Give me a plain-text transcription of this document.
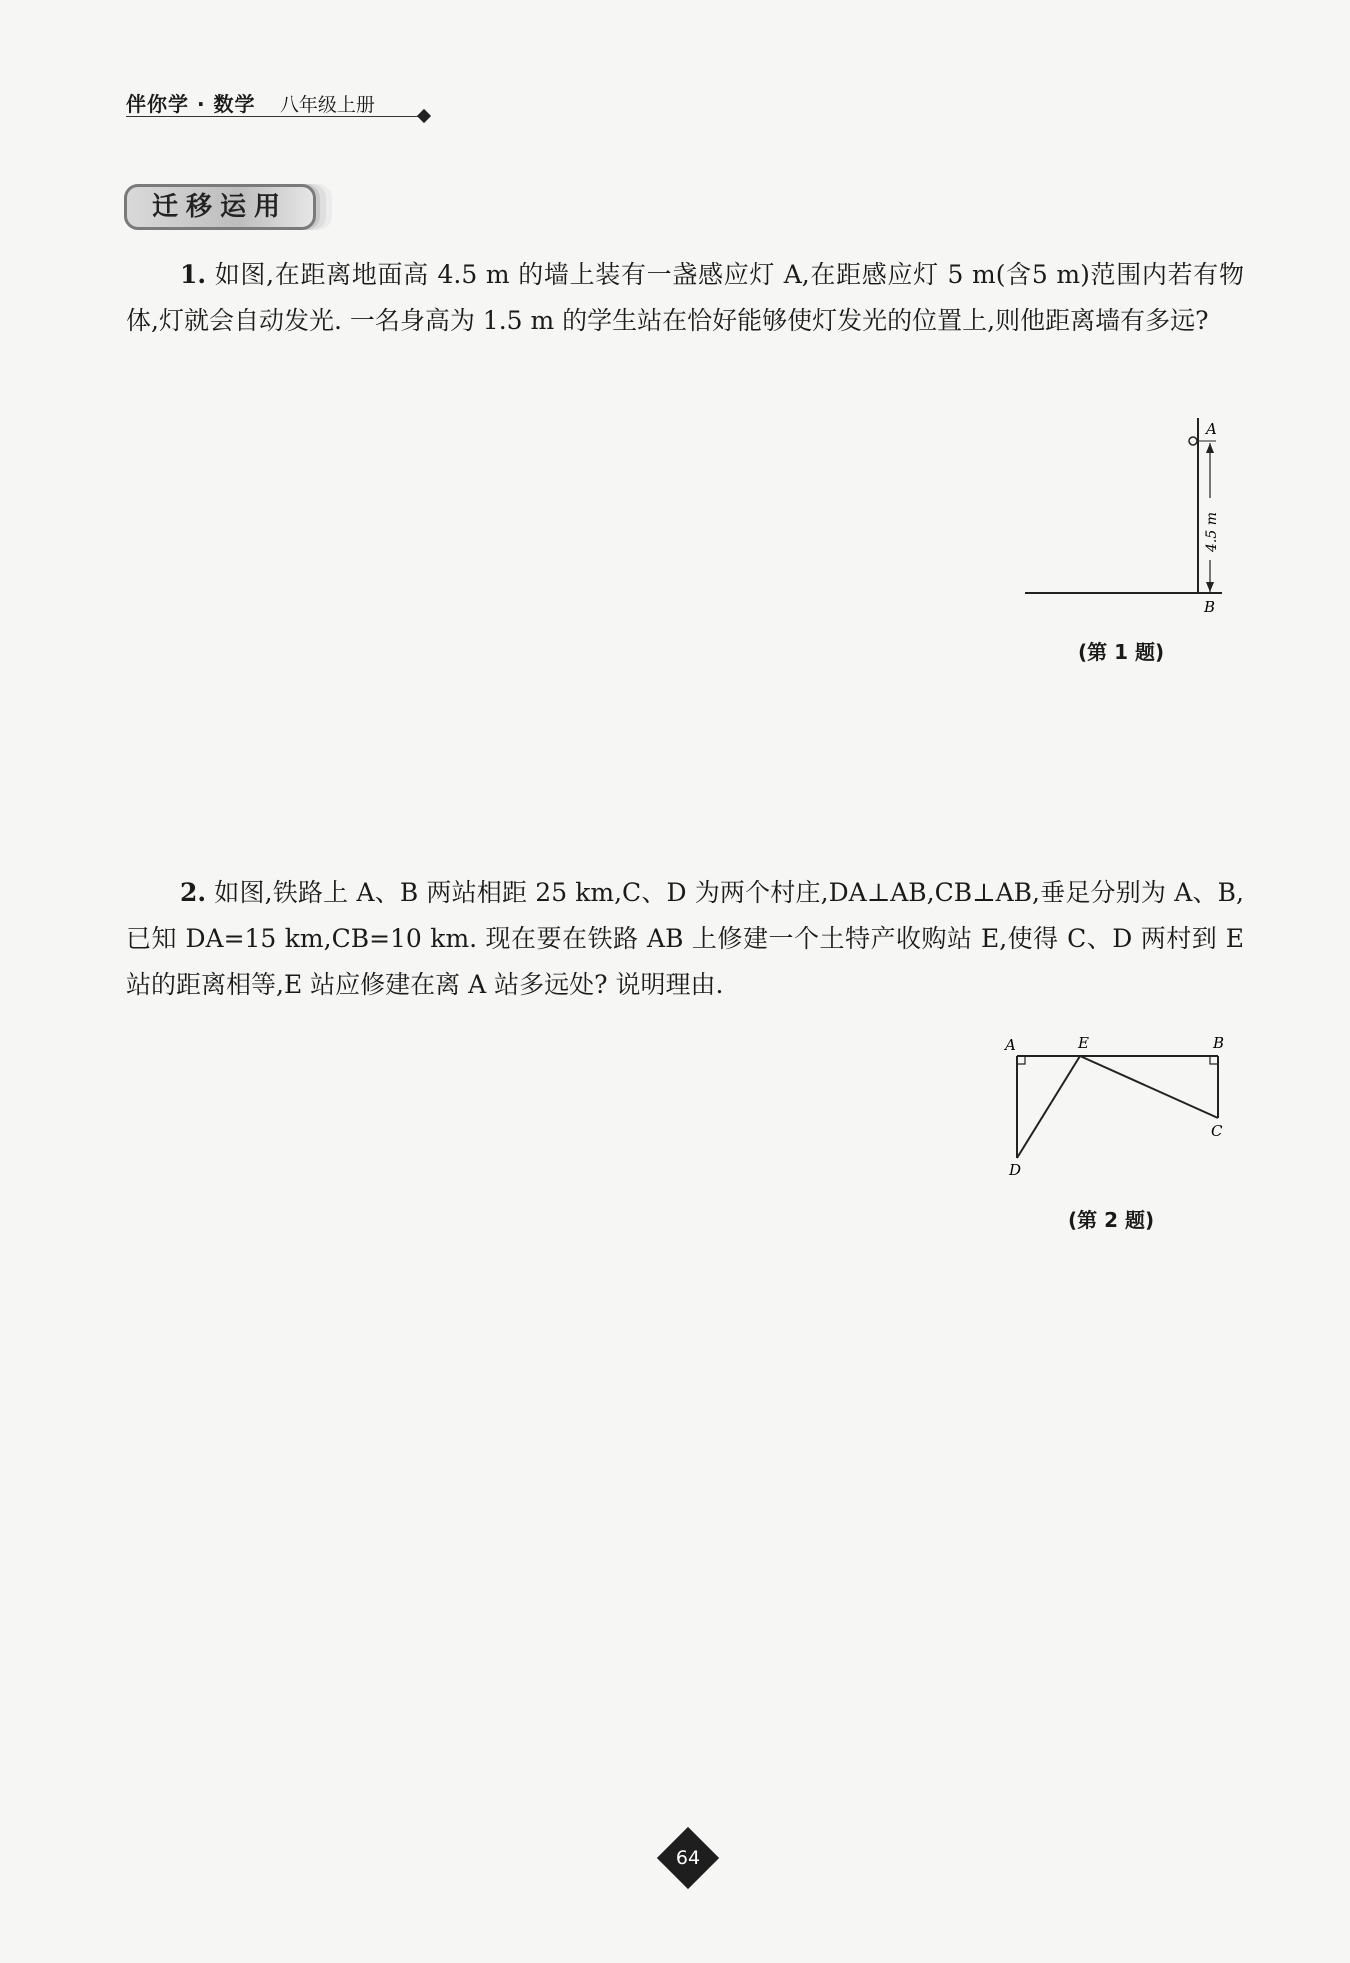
伴你学 · 数学 八年级上册
迁移运用
1. 如图,在距离地面高 4.5 m 的墙上装有一盏感应灯 A,在距感应灯 5 m(含5 m)范围内若有物体,灯就会自动发光. 一名身高为 1.5 m 的学生站在恰好能够使灯发光的位置上,则他距离墙有多远?
4.5 m
A
B
(第 1 题)
2. 如图,铁路上 A、B 两站相距 25 km,C、D 为两个村庄,DA⊥AB,CB⊥AB,垂足分别为 A、B,已知 DA=15 km,CB=10 km. 现在要在铁路 AB 上修建一个土特产收购站 E,使得 C、D 两村到 E 站的距离相等,E 站应修建在离 A 站多远处? 说明理由.
A	E	B
C
D
(第 2 题)
64
